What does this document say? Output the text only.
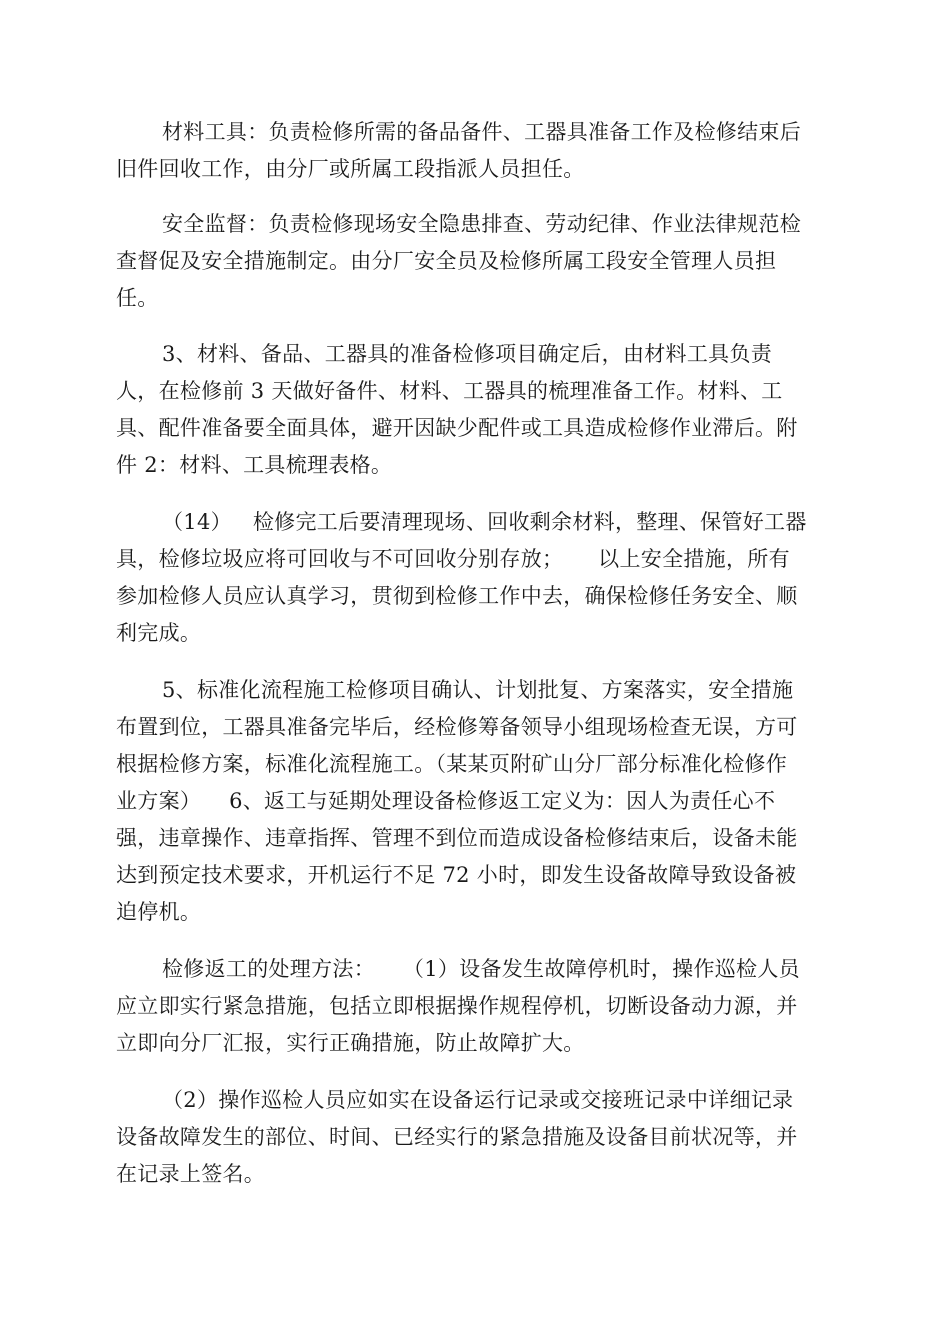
材料工具：负责检修所需的备品备件、工器具准备工作及检修结束后
旧件回收工作，由分厂或所属工段指派人员担任。
安全监督：负责检修现场安全隐患排查、劳动纪律、作业法律规范检
查督促及安全措施制定。由分厂安全员及检修所属工段安全管理人员担
任。
3、材料、备品、工器具的准备检修项目确定后，由材料工具负责
人，在检修前 3 天做好备件、材料、工器具的梳理准备工作。材料、工
具、配件准备要全面具体，避开因缺少配件或工具造成检修作业滞后。附
件 2：材料、工具梳理表格。
（14）   检修完工后要清理现场、回收剩余材料，整理、保管好工器
具，检修垃圾应将可回收与不可回收分别存放；     以上安全措施，所有
参加检修人员应认真学习，贯彻到检修工作中去，确保检修任务安全、顺
利完成。
5、标准化流程施工检修项目确认、计划批复、方案落实，安全措施
布置到位，工器具准备完毕后，经检修筹备领导小组现场检查无误，方可
根据检修方案，标准化流程施工。（某某页附矿山分厂部分标准化检修作
业方案）    6、返工与延期处理设备检修返工定义为：因人为责任心不
强，违章操作、违章指挥、管理不到位而造成设备检修结束后，设备未能
达到预定技术要求，开机运行不足 72 小时，即发生设备故障导致设备被
迫停机。
检修返工的处理方法：    （1）设备发生故障停机时，操作巡检人员
应立即实行紧急措施，包括立即根据操作规程停机，切断设备动力源，并
立即向分厂汇报，实行正确措施，防止故障扩大。
（2）操作巡检人员应如实在设备运行记录或交接班记录中详细记录
设备故障发生的部位、时间、已经实行的紧急措施及设备目前状况等，并
在记录上签名。
